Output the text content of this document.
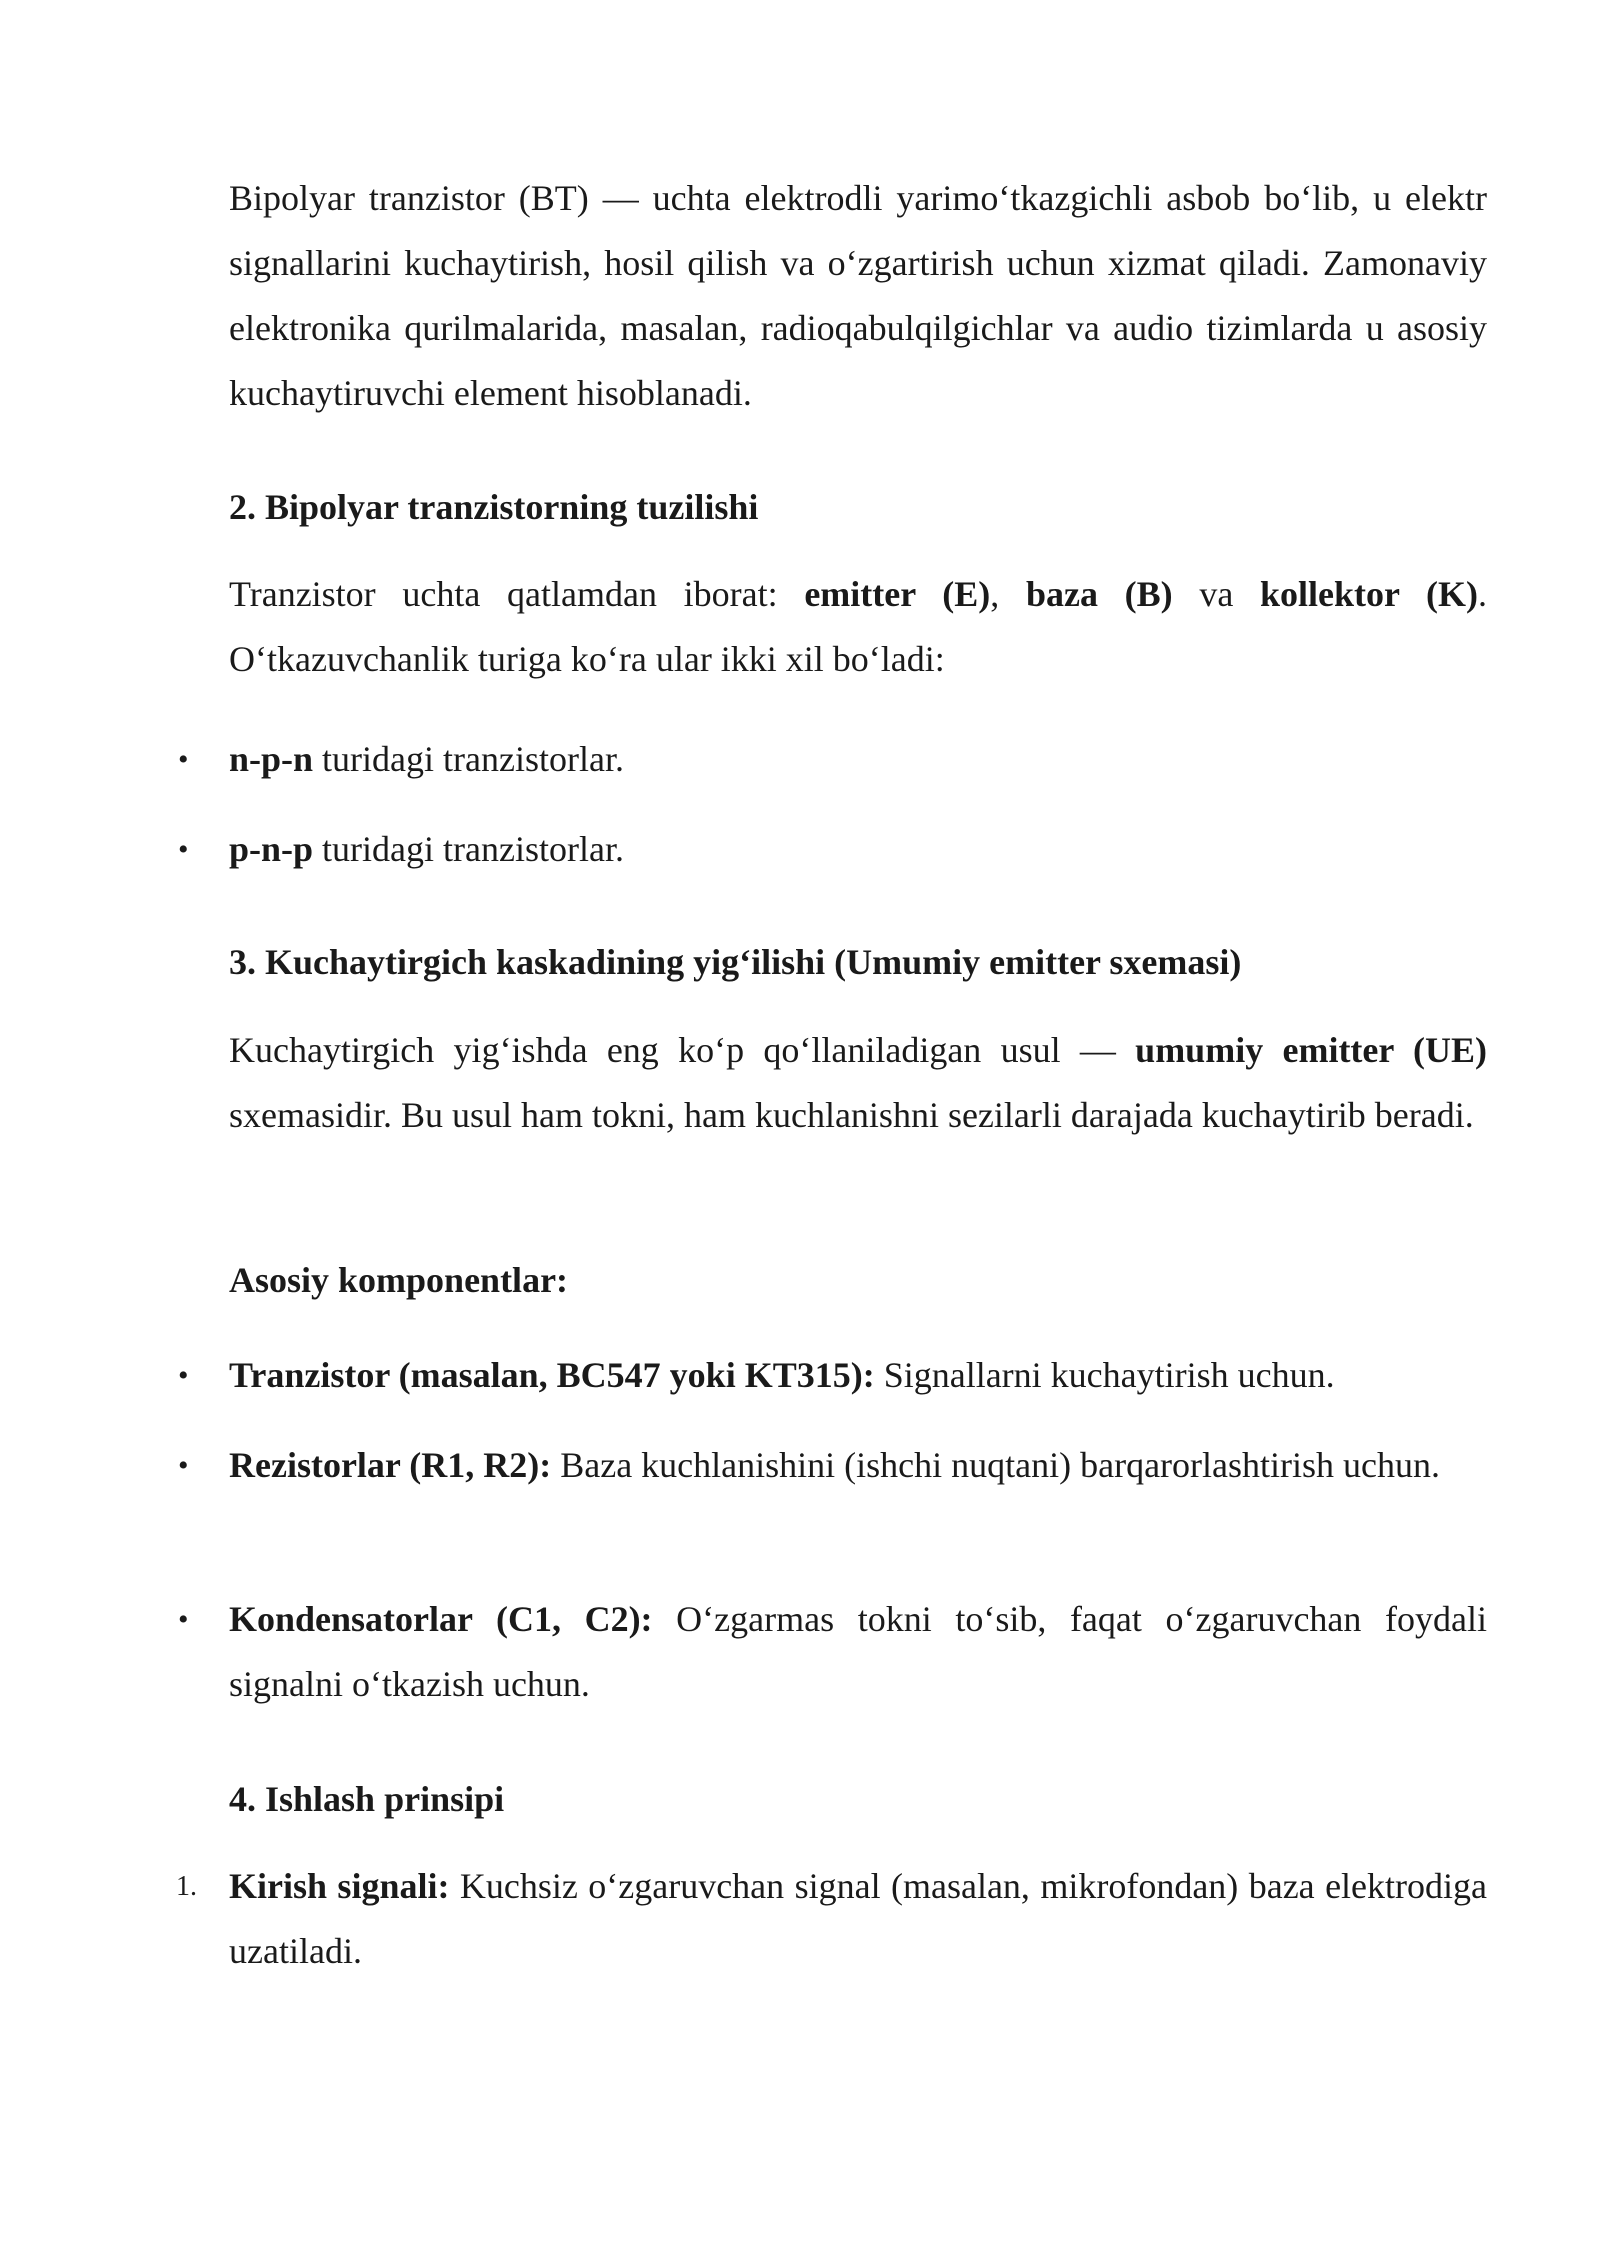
Bipolyar tranzistor (BT) — uchta elektrodli yarimo‘tkazgichli asbob bo‘lib, u elektr signallarini kuchaytirish, hosil qilish va o‘zgartirish uchun xizmat qiladi. Zamonaviy elektronika qurilmalarida, masalan, radioqabulqilgichlar va audio tizimlarda u asosiy kuchaytiruvchi element hisoblanadi.
2. Bipolyar tranzistorning tuzilishi
Tranzistor uchta qatlamdan iborat: emitter (E), baza (B) va kollektor (K). O‘tkazuvchanlik turiga ko‘ra ular ikki xil bo‘ladi:
• n-p-n turidagi tranzistorlar.
• p-n-p turidagi tranzistorlar.
3. Kuchaytirgich kaskadining yig‘ilishi (Umumiy emitter sxemasi)
Kuchaytirgich yig‘ishda eng ko‘p qo‘llaniladigan usul — umumiy emitter (UE) sxemasidir. Bu usul ham tokni, ham kuchlanishni sezilarli darajada kuchaytirib beradi.
Asosiy komponentlar:
• Tranzistor (masalan, BC547 yoki KT315): Signallarni kuchaytirish uchun.
• Rezistorlar (R1, R2): Baza kuchlanishini (ishchi nuqtani) barqarorlashtirish uchun.
• Kondensatorlar (C1, C2): O‘zgarmas tokni to‘sib, faqat o‘zgaruvchan foydali signalni o‘tkazish uchun.
4. Ishlash prinsipi
1. Kirish signali: Kuchsiz o‘zgaruvchan signal (masalan, mikrofondan) baza elektrodiga uzatiladi.
